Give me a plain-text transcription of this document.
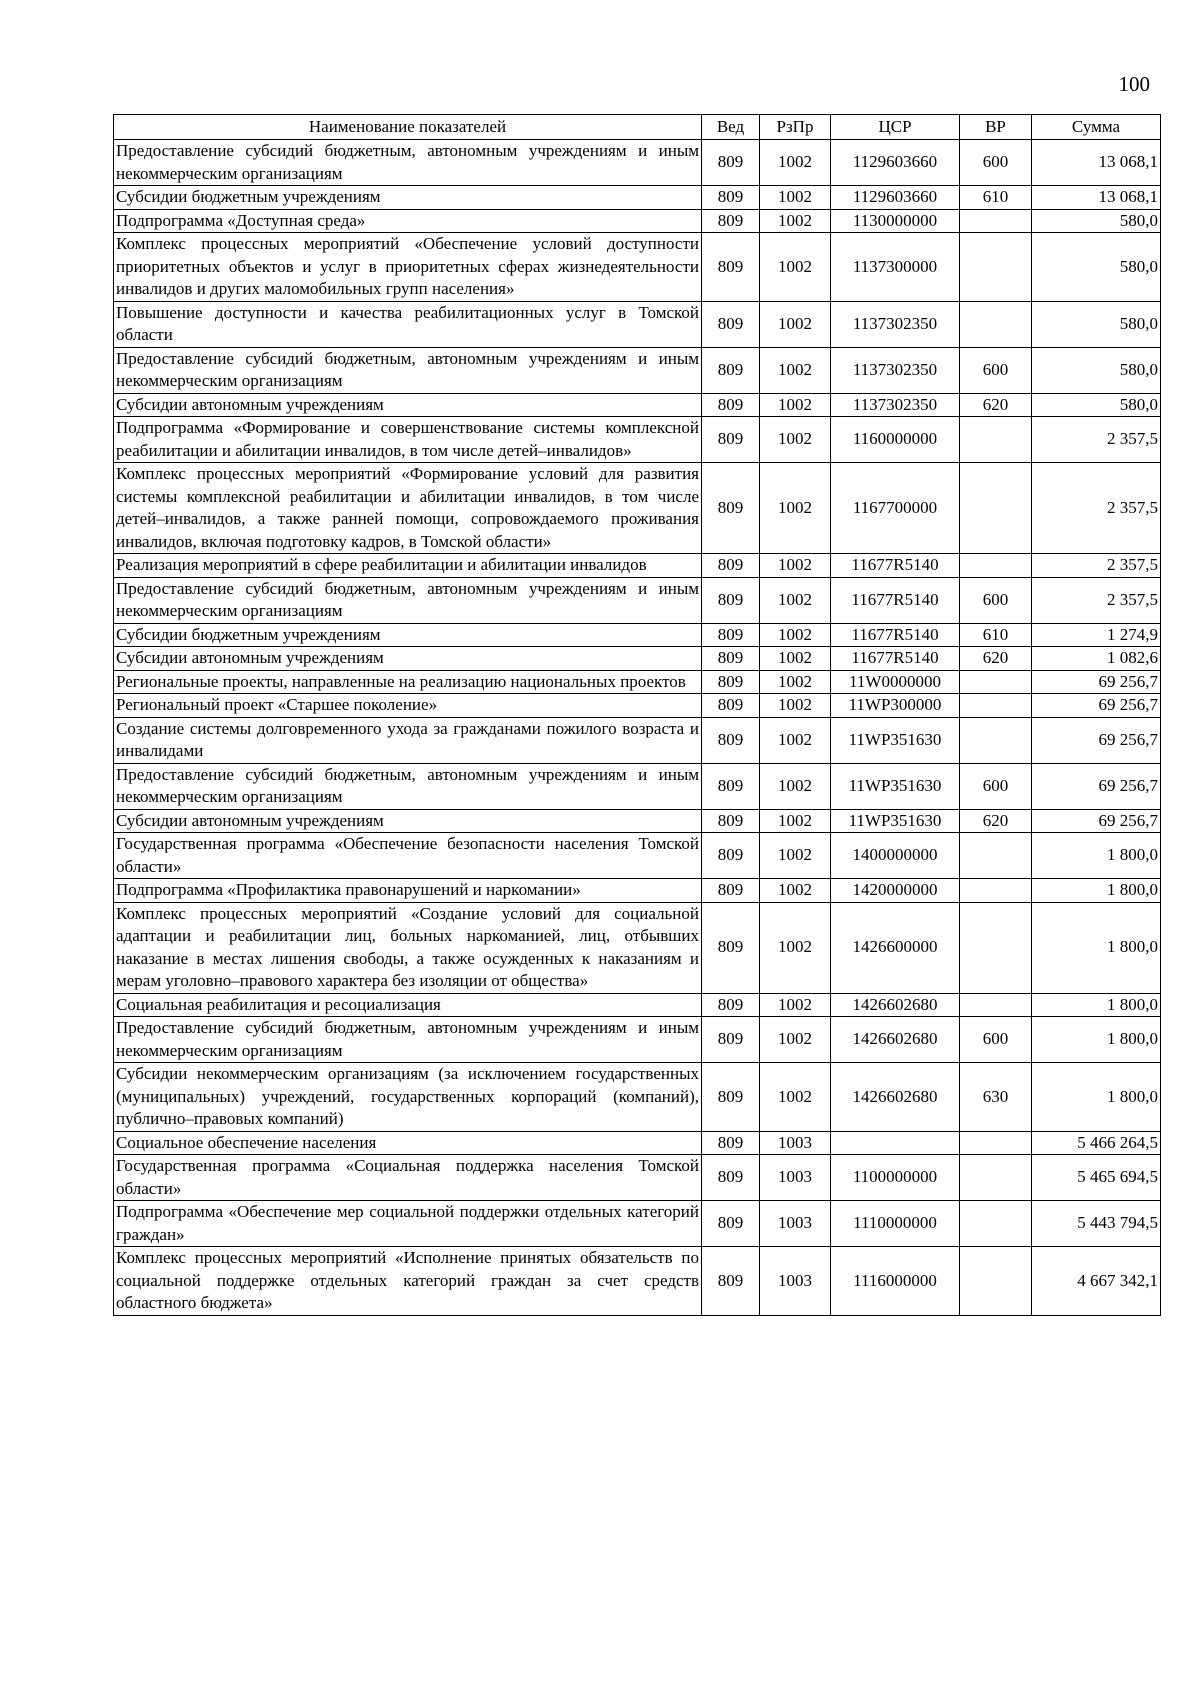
100
Наименование показателей	Вед	РзПр	ЦСР	ВР	Сумма
Предоставление субсидий бюджетным, автономным учреждениям и иным некоммерческим организациям	809	1002	1129603660	600	13 068,1
Субсидии бюджетным учреждениям	809	1002	1129603660	610	13 068,1
Подпрограмма «Доступная среда»	809	1002	1130000000		580,0
Комплекс процессных мероприятий «Обеспечение условий доступности приоритетных объектов и услуг в приоритетных сферах жизнедеятельности инвалидов и других маломобильных групп населения»	809	1002	1137300000		580,0
Повышение доступности и качества реабилитационных услуг в Томской области	809	1002	1137302350		580,0
Предоставление субсидий бюджетным, автономным учреждениям и иным некоммерческим организациям	809	1002	1137302350	600	580,0
Субсидии автономным учреждениям	809	1002	1137302350	620	580,0
Подпрограмма «Формирование и совершенствование системы комплексной реабилитации и абилитации инвалидов, в том числе детей–инвалидов»	809	1002	1160000000		2 357,5
Комплекс процессных мероприятий «Формирование условий для развития системы комплексной реабилитации и абилитации инвалидов, в том числе детей–инвалидов, а также ранней помощи, сопровождаемого проживания инвалидов, включая подготовку кадров, в Томской области»	809	1002	1167700000		2 357,5
Реализация мероприятий в сфере реабилитации и абилитации инвалидов	809	1002	11677R5140		2 357,5
Предоставление субсидий бюджетным, автономным учреждениям и иным некоммерческим организациям	809	1002	11677R5140	600	2 357,5
Субсидии бюджетным учреждениям	809	1002	11677R5140	610	1 274,9
Субсидии автономным учреждениям	809	1002	11677R5140	620	1 082,6
Региональные проекты, направленные на реализацию национальных проектов	809	1002	11W0000000		69 256,7
Региональный проект «Старшее поколение»	809	1002	11WP300000		69 256,7
Создание системы долговременного ухода за гражданами пожилого возраста и инвалидами	809	1002	11WP351630		69 256,7
Предоставление субсидий бюджетным, автономным учреждениям и иным некоммерческим организациям	809	1002	11WP351630	600	69 256,7
Субсидии автономным учреждениям	809	1002	11WP351630	620	69 256,7
Государственная программа «Обеспечение безопасности населения Томской области»	809	1002	1400000000		1 800,0
Подпрограмма «Профилактика правонарушений и наркомании»	809	1002	1420000000		1 800,0
Комплекс процессных мероприятий «Создание условий для социальной адаптации и реабилитации лиц, больных наркоманией, лиц, отбывших наказание в местах лишения свободы, а также осужденных к наказаниям и мерам уголовно–правового характера без изоляции от общества»	809	1002	1426600000		1 800,0
Социальная реабилитация и ресоциализация	809	1002	1426602680		1 800,0
Предоставление субсидий бюджетным, автономным учреждениям и иным некоммерческим организациям	809	1002	1426602680	600	1 800,0
Субсидии некоммерческим организациям (за исключением государственных (муниципальных) учреждений, государственных корпораций (компаний), публично–правовых компаний)	809	1002	1426602680	630	1 800,0
Социальное обеспечение населения	809	1003			5 466 264,5
Государственная программа «Социальная поддержка населения Томской области»	809	1003	1100000000		5 465 694,5
Подпрограмма «Обеспечение мер социальной поддержки отдельных категорий граждан»	809	1003	1110000000		5 443 794,5
Комплекс процессных мероприятий «Исполнение принятых обязательств по социальной поддержке отдельных категорий граждан за счет средств областного бюджета»	809	1003	1116000000		4 667 342,1
